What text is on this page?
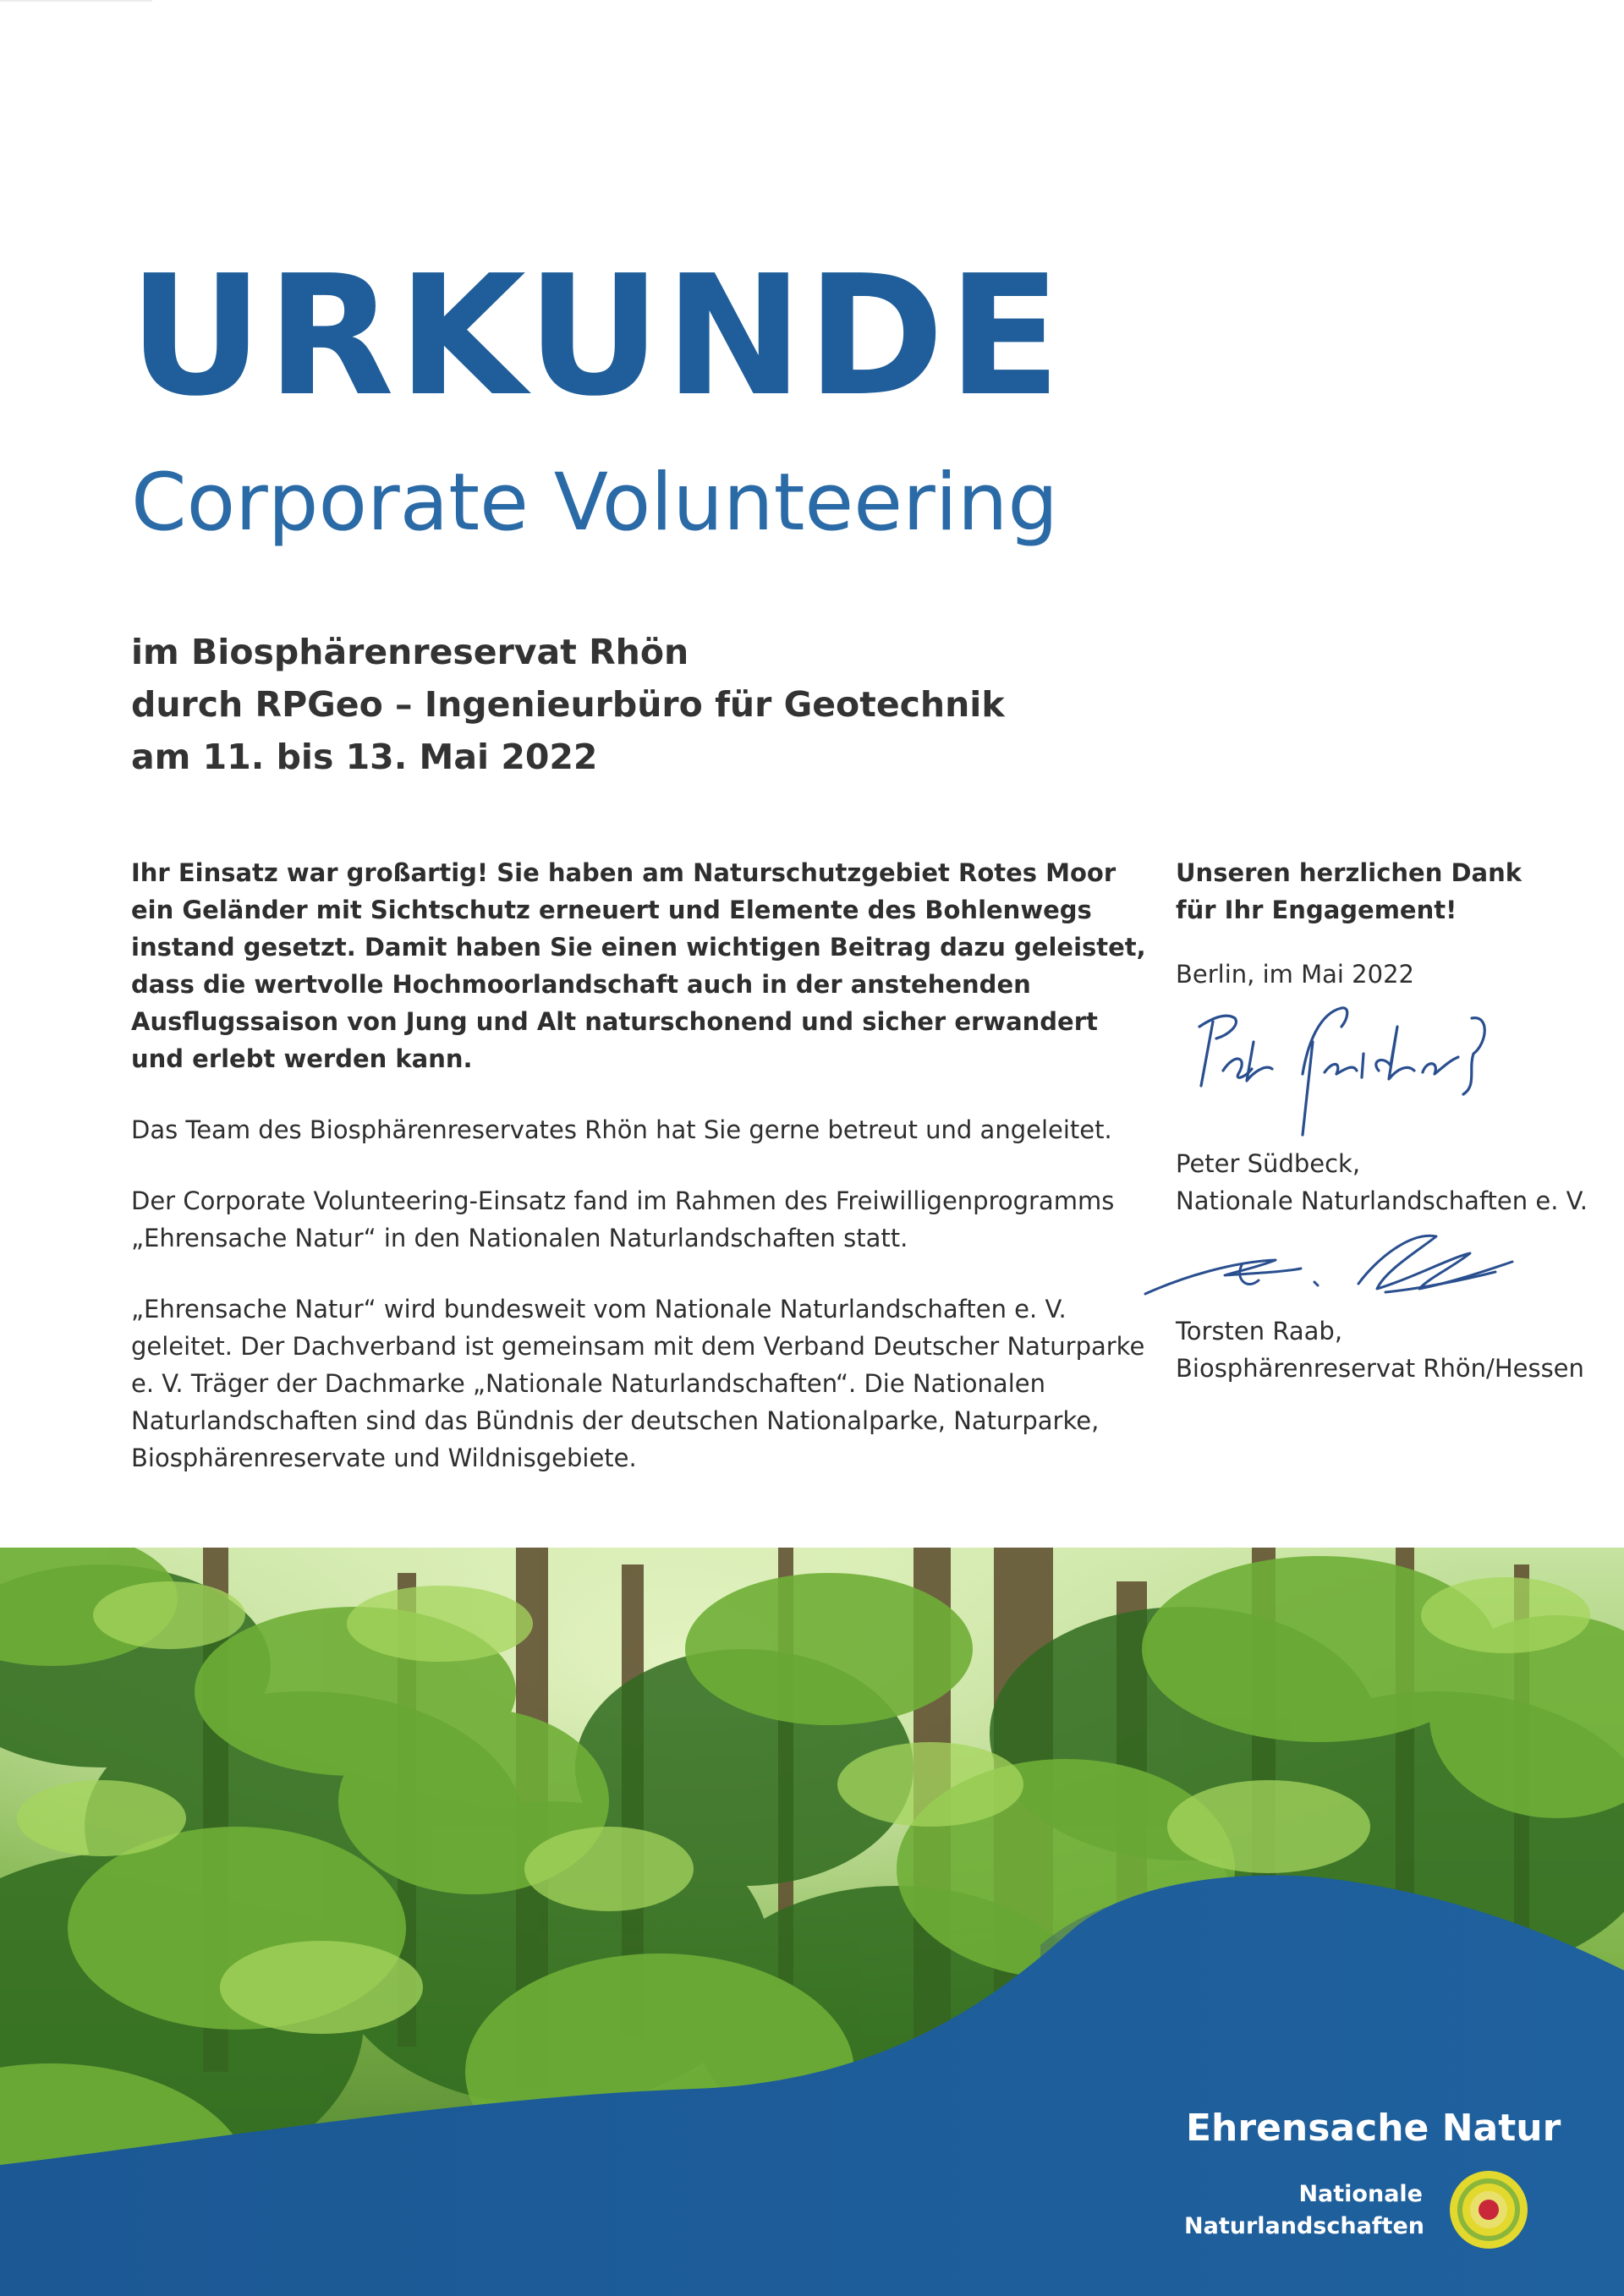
URKUNDE
Corporate Volunteering
im Biosphärenreservat Rhön
durch RPGeo – Ingenieurbüro für Geotechnik
am 11. bis 13. Mai 2022

Ihr Einsatz war großartig! Sie haben am Naturschutzgebiet Rotes Moor ein Geländer mit Sichtschutz erneuert und Elemente des Bohlenwegs instand gesetzt. Damit haben Sie einen wichtigen Beitrag dazu geleistet, dass die wertvolle Hochmoorlandschaft auch in der anstehenden Ausflugssaison von Jung und Alt naturschonend und sicher erwandert und erlebt werden kann.

Das Team des Biosphärenreservates Rhön hat Sie gerne betreut und angeleitet.

Der Corporate Volunteering-Einsatz fand im Rahmen des Freiwilligenprogramms „Ehrensache Natur“ in den Nationalen Naturlandschaften statt.

„Ehrensache Natur“ wird bundesweit vom Nationale Naturlandschaften e. V. geleitet. Der Dachverband ist gemeinsam mit dem Verband Deutscher Naturparke e. V. Träger der Dachmarke „Nationale Naturlandschaften“. Die Nationalen Naturlandschaften sind das Bündnis der deutschen Nationalparke, Naturparke, Biosphärenreservate und Wildnisgebiete.

Unseren herzlichen Dank

für Ihr Engagement!

Berlin, im Mai 2022

Peter Südbeck,

Nationale Naturlandschaften e. V.

Torsten Raab,

Biosphärenreservat Rhön/Hessen

Ehrensache Natur

Nationale
Naturlandschaften
